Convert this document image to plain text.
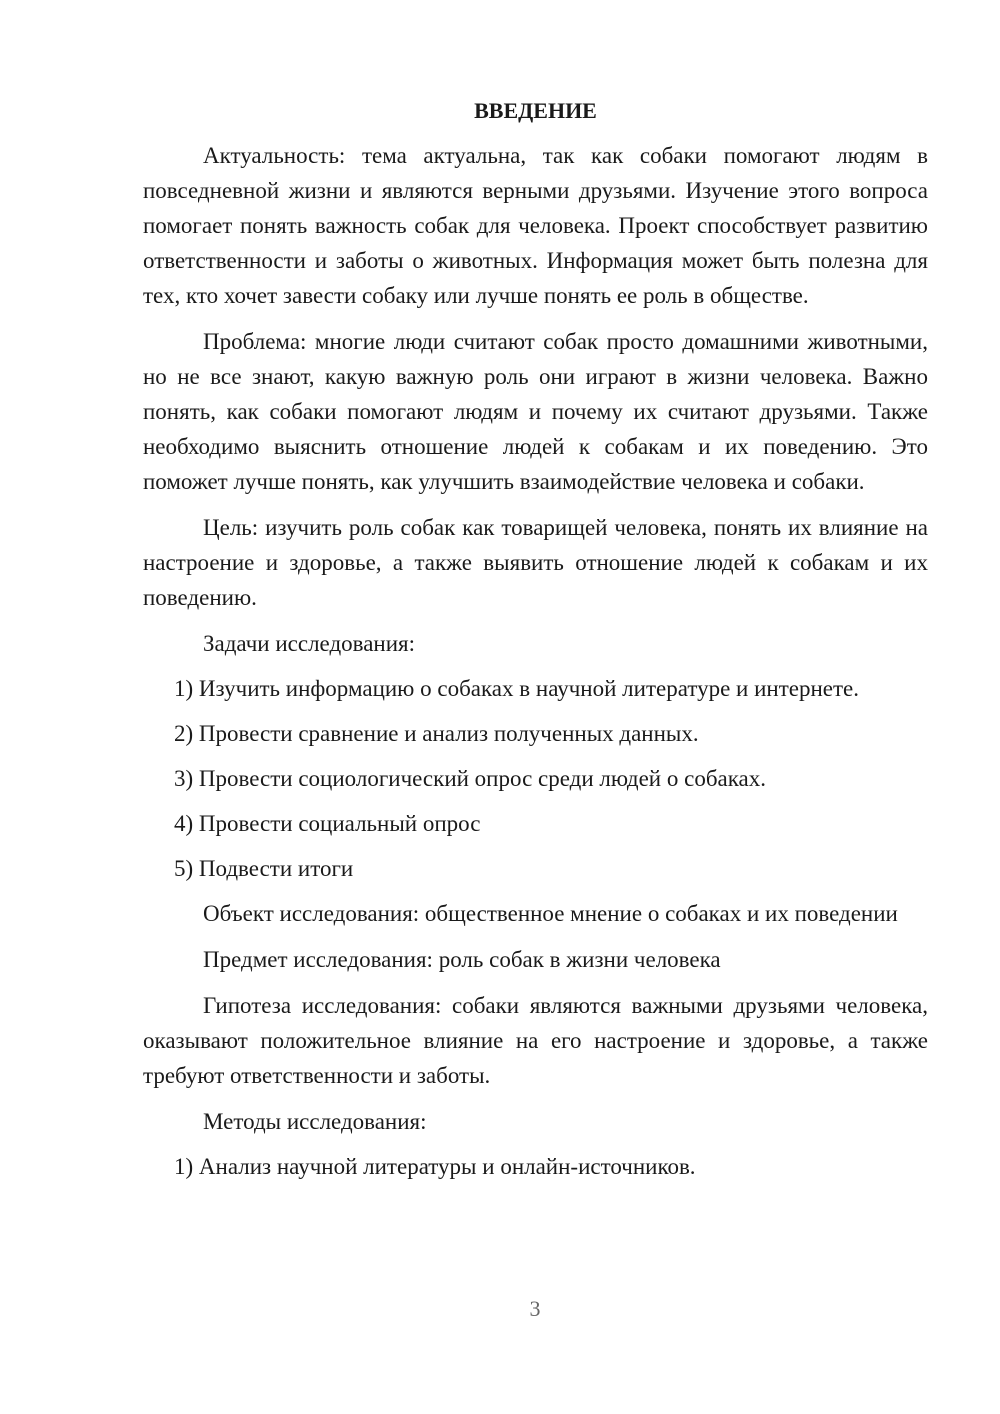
ВВЕДЕНИЕ

Актуальность: тема актуальна, так как собаки помогают людям в повседневной жизни и являются верными друзьями. Изучение этого вопроса помогает понять важность собак для человека. Проект способствует развитию ответственности и заботы о животных. Информация может быть полезна для тех, кто хочет завести собаку или лучше понять ее роль в обществе.

Проблема: многие люди считают собак просто домашними животными, но не все знают, какую важную роль они играют в жизни человека. Важно понять, как собаки помогают людям и почему их считают друзьями. Также необходимо выяснить отношение людей к собакам и их поведению. Это поможет лучше понять, как улучшить взаимодействие человека и собаки.

Цель: изучить роль собак как товарищей человека, понять их влияние на настроение и здоровье, а также выявить отношение людей к собакам и их поведению.

Задачи исследования:

1) Изучить информацию о собаках в научной литературе и интернете.
2) Провести сравнение и анализ полученных данных.
3) Провести социологический опрос среди людей о собаках.
4) Провести социальный опрос
5) Подвести итоги

Объект исследования: общественное мнение о собаках и их поведении

Предмет исследования: роль собак в жизни человека

Гипотеза исследования: собаки являются важными друзьями человека, оказывают положительное влияние на его настроение и здоровье, а также требуют ответственности и заботы.

Методы исследования:

1) Анализ научной литературы и онлайн-источников.
3
